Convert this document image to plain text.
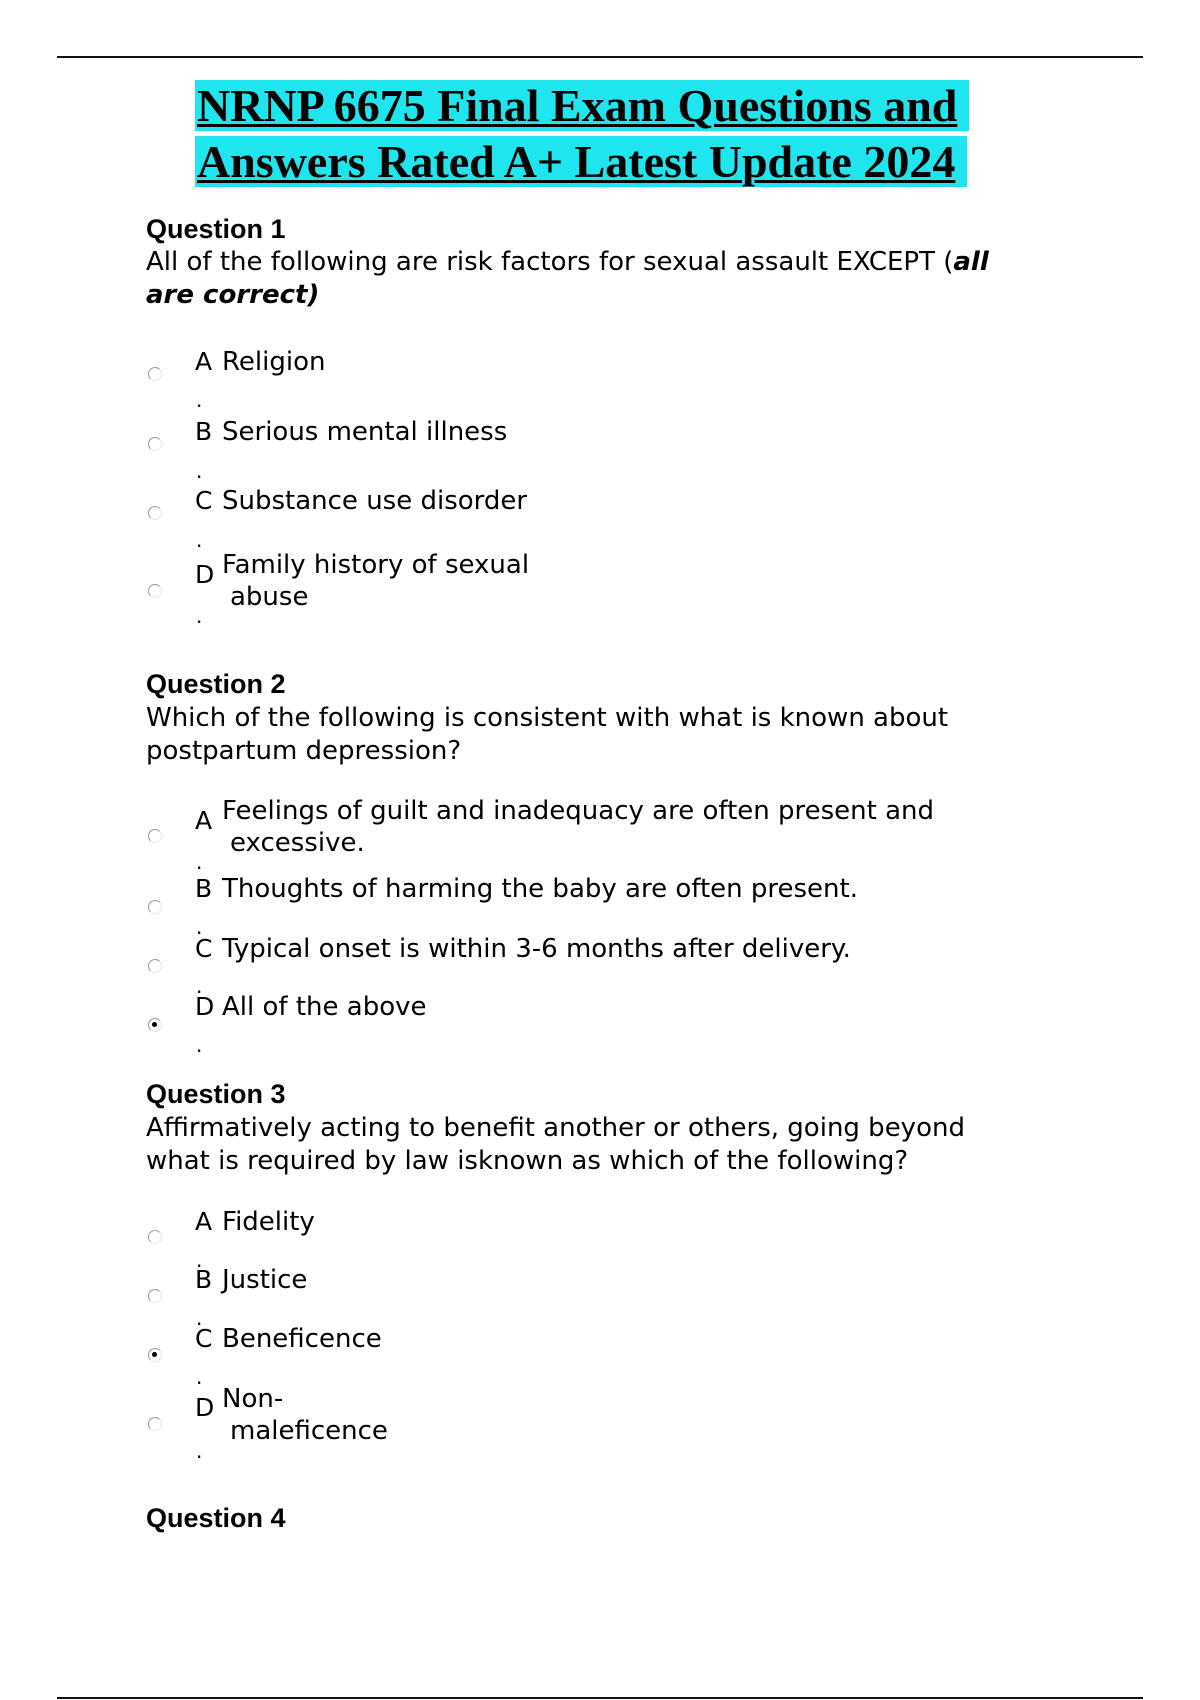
NRNP 6675 Final Exam Questions and
Answers Rated A+ Latest Update 2024
Question 1
All of the following are risk factors for sexual assault EXCEPT (all
are correct)
A
.
Religion
B
.
Serious mental illness
C
.
Substance use disorder
D
.
Family history of sexual
abuse
Question 2
Which of the following is consistent with what is known about
postpartum depression?
A
.
Feelings of guilt and inadequacy are often present and
excessive.
B
.
Thoughts of harming the baby are often present.
C
.
Typical onset is within 3-6 months after delivery.
D
.
All of the above
Question 3
Affirmatively acting to benefit another or others, going beyond
what is required by law isknown as which of the following?
A
.
Fidelity
B
.
Justice
C
.
Beneficence
D
.
Non-
maleficence
Question 4
